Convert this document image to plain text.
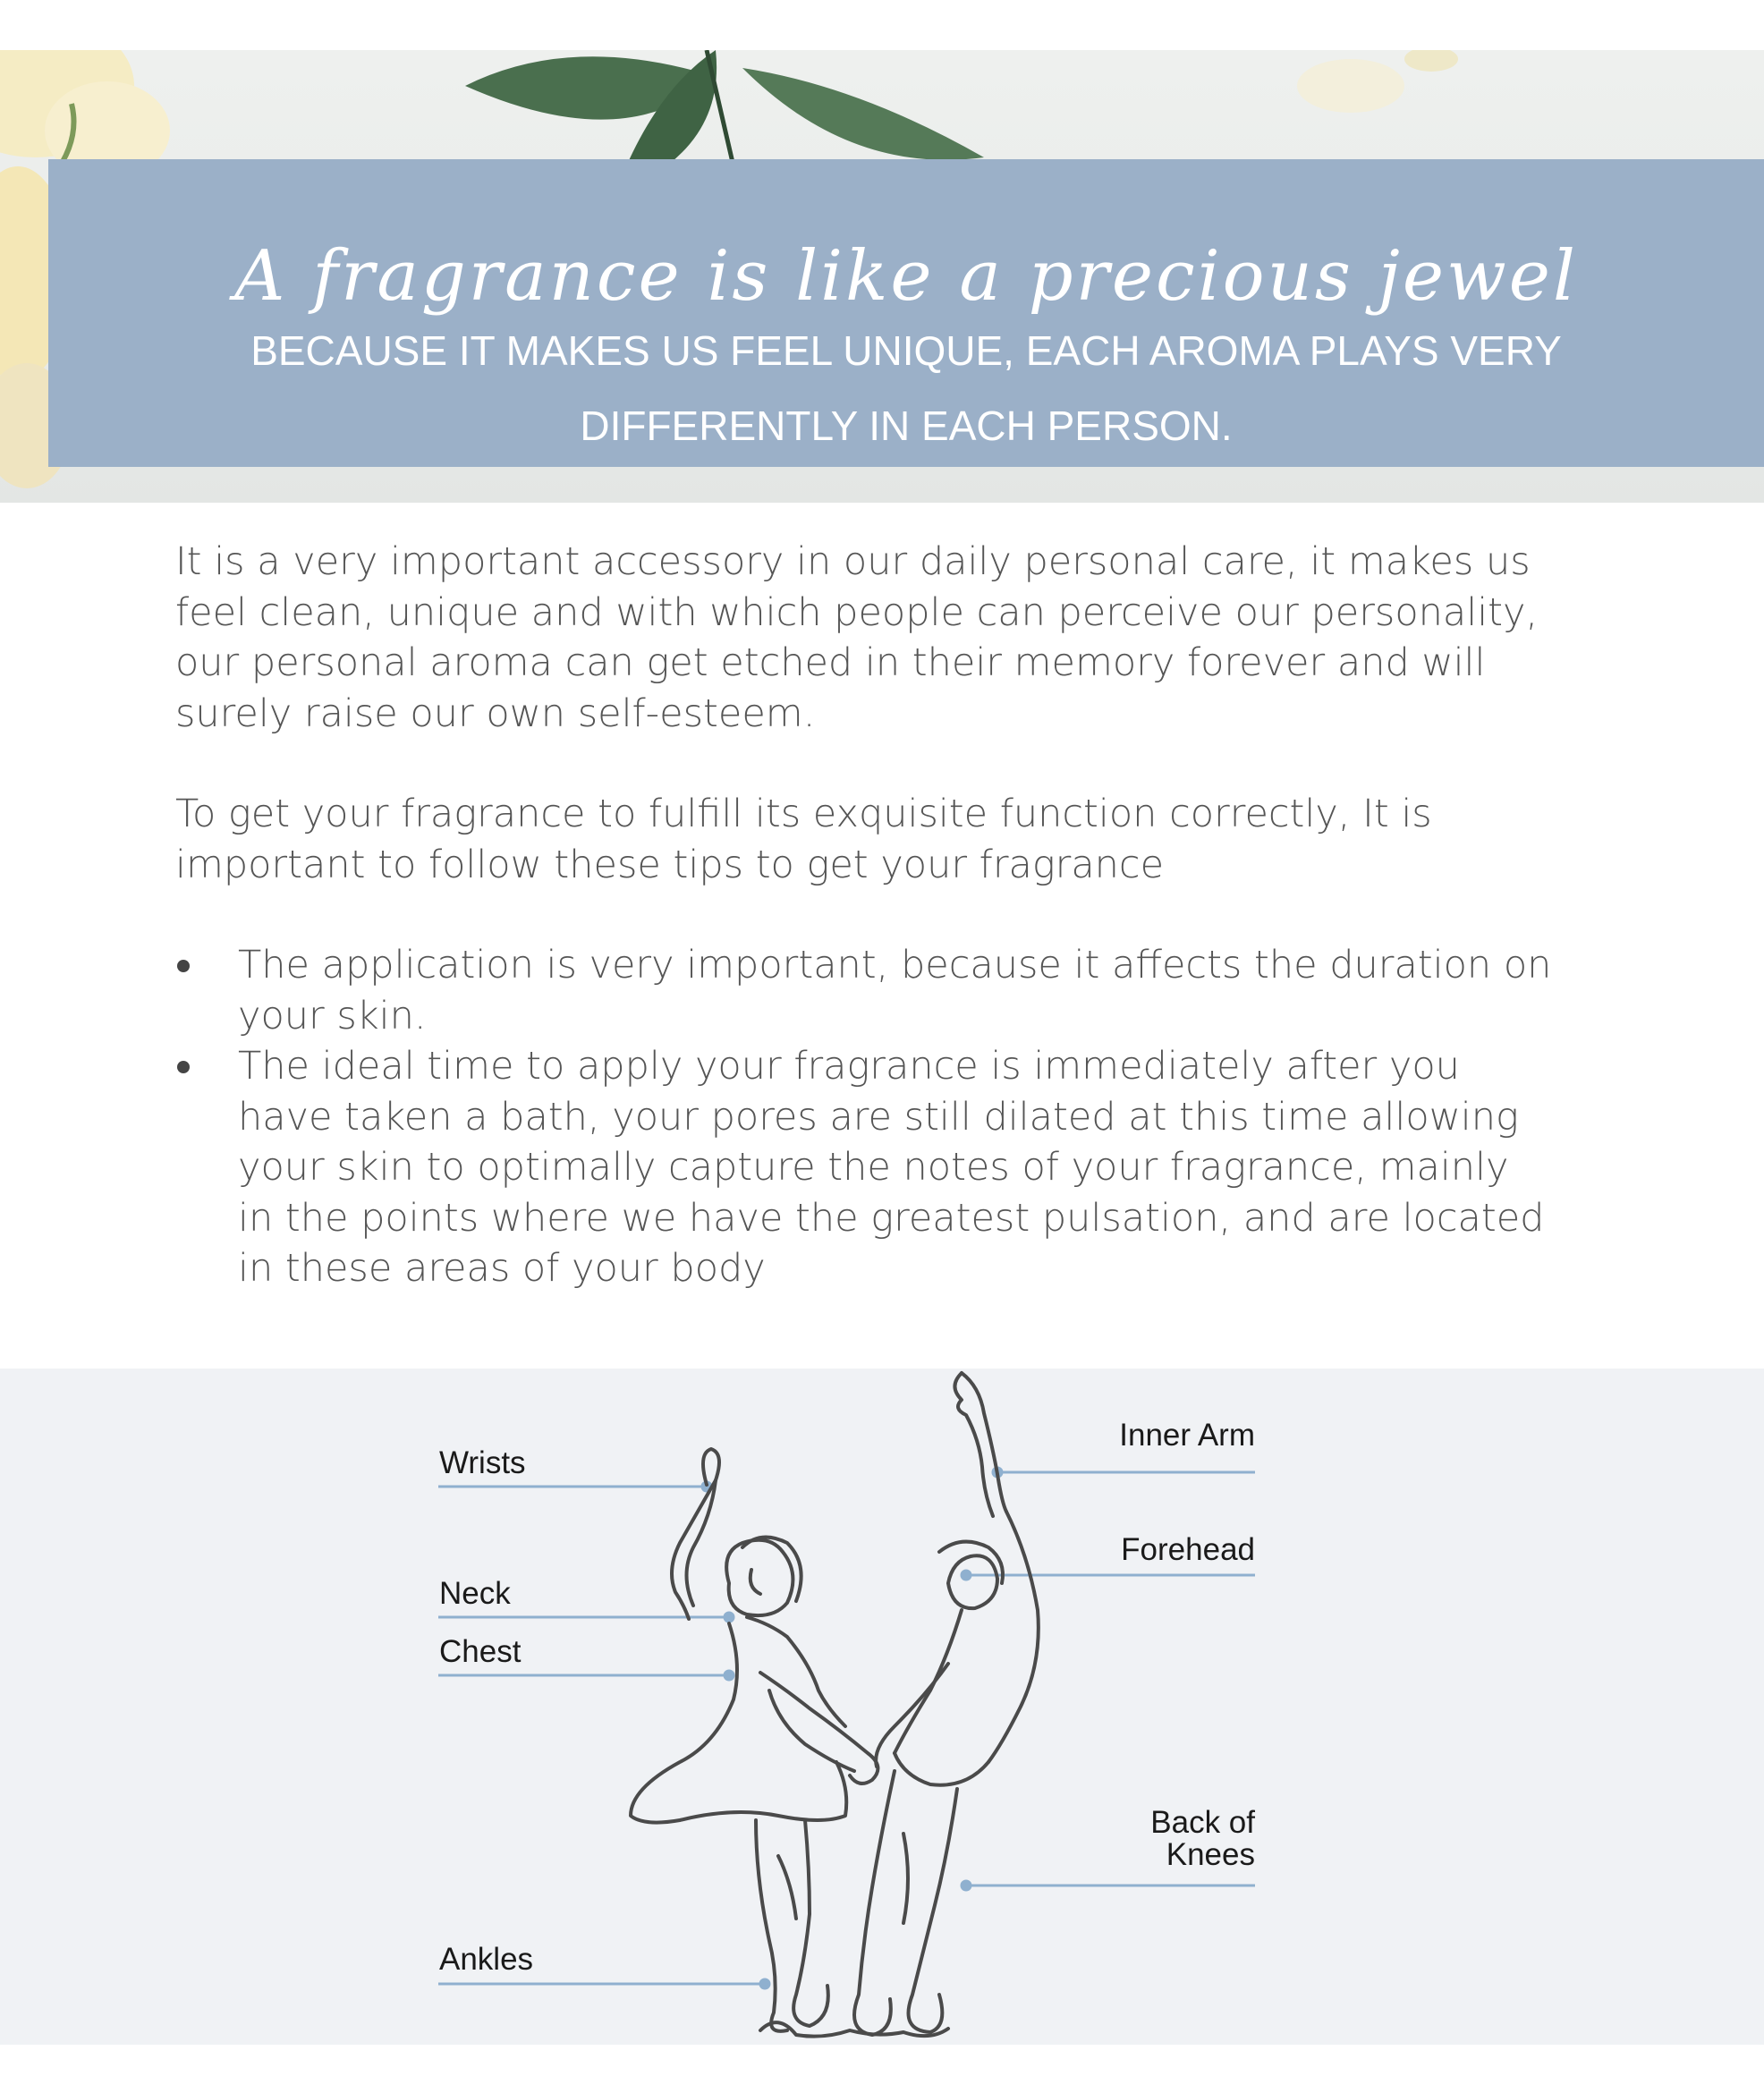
A fragrance is like a precious jewel
BECAUSE IT MAKES US FEEL UNIQUE, EACH AROMA PLAYS VERY
DIFFERENTLY IN EACH PERSON.

It is a very important accessory in our daily personal care, it makes us feel clean, unique and with which people can perceive our personality, our personal aroma can get etched in their memory forever and will surely raise our own self-esteem.

To get your fragrance to fulfill its exquisite function correctly, It is important to follow these tips to get your fragrance

The application is very important, because it affects the duration on your skin.
The ideal time to apply your fragrance is immediately after you have taken a bath, your pores are still dilated at this time allowing your skin to optimally capture the notes of your fragrance, mainly in the points where we have the greatest pulsation, and are located in these areas of your body
Wrists
Neck
Chest
Ankles
Inner Arm
Forehead
Back of
Knees
